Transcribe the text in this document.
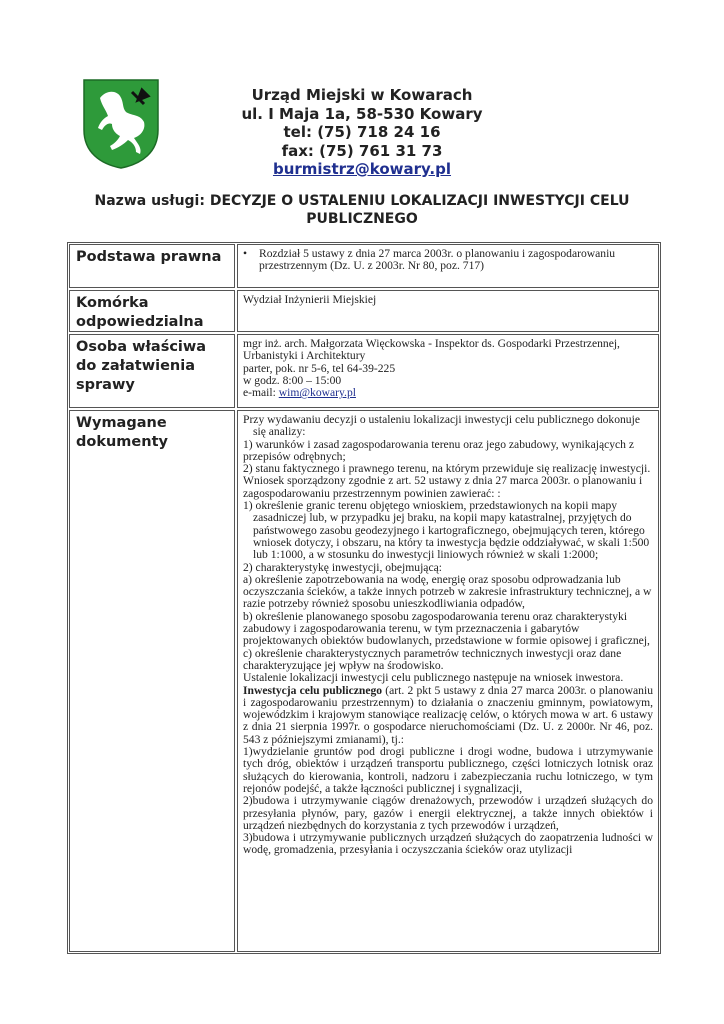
Urząd Miejski w Kowarach
ul. I Maja 1a, 58-530 Kowary
tel: (75) 718 24 16
fax: (75) 761 31 73
burmistrz@kowary.pl
Nazwa usługi: DECYZJE O USTALENIU LOKALIZACJI INWESTYCJI CELU
PUBLICZNEGO
Podstawa prawna	•	Rozdział 5 ustawy z dnia 27 marca 2003r. o planowaniu i zagospodarowaniu przestrzennym (Dz. U. z 2003r. Nr 80, poz. 717)
Komórka odpowiedzialna
Wydział Inżynierii Miejskiej
Osoba właściwa do załatwienia sprawy

mgr inż. arch. Małgorzata Więckowska - Inspektor ds. Gospodarki Przestrzennej, Urbanistyki i Architektury

parter, pok. nr 5-6, tel 64-39-225

w godz. 8:00 – 15:00

e-mail: wim@kowary.pl

Wymagane dokumenty

Przy wydawaniu decyzji o ustaleniu lokalizacji inwestycji celu publicznego dokonuje się analizy:

1) warunków i zasad zagospodarowania terenu oraz jego zabudowy, wynikających z przepisów odrębnych;

2) stanu faktycznego i prawnego terenu, na którym przewiduje się realizację inwestycji.

Wniosek sporządzony zgodnie z art. 52 ustawy z dnia 27 marca 2003r. o planowaniu i zagospodarowaniu przestrzennym powinien zawierać: :

1) określenie granic terenu objętego wnioskiem, przedstawionych na kopii mapy zasadniczej lub, w przypadku jej braku, na kopii mapy katastralnej, przyjętych do państwowego zasobu geodezyjnego i kartograficznego, obejmujących teren, którego wniosek dotyczy, i obszaru, na który ta inwestycja będzie oddziaływać, w skali 1:500 lub 1:1000, a w stosunku do inwestycji liniowych również w skali 1:2000;

2) charakterystykę inwestycji, obejmującą:

a) określenie zapotrzebowania na wodę, energię oraz sposobu odprowadzania lub oczyszczania ścieków, a także innych potrzeb w zakresie infrastruktury technicznej, a w razie potrzeby również sposobu unieszkodliwiania odpadów,

b) określenie planowanego sposobu zagospodarowania terenu oraz charakterystyki zabudowy i zagospodarowania terenu, w tym przeznaczenia i gabarytów projektowanych obiektów budowlanych, przedstawione w formie opisowej i graficznej,

c) określenie charakterystycznych parametrów technicznych inwestycji oraz dane charakteryzujące jej wpływ na środowisko.

Ustalenie lokalizacji inwestycji celu publicznego następuje na wniosek inwestora.

Inwestycja celu publicznego (art. 2 pkt 5 ustawy z dnia 27 marca 2003r. o planowaniu i zagospodarowaniu przestrzennym) to działania o znaczeniu gminnym, powiatowym, wojewódzkim i krajowym stanowiące realizację celów, o których mowa w art. 6 ustawy z dnia 21 sierpnia 1997r. o gospodarce nieruchomościami (Dz. U. z 2000r. Nr 46, poz. 543 z późniejszymi zmianami), tj.:

1)wydzielanie gruntów pod drogi publiczne i drogi wodne, budowa i utrzymywanie tych dróg, obiektów i urządzeń transportu publicznego, części lotniczych lotnisk oraz służących do kierowania, kontroli, nadzoru i zabezpieczania ruchu lotniczego, w tym rejonów podejść, a także łączności publicznej i sygnalizacji,

2)budowa i utrzymywanie ciągów drenażowych, przewodów i urządzeń służących do przesyłania płynów, pary, gazów i energii elektrycznej, a także innych obiektów i urządzeń niezbędnych do korzystania z tych przewodów i urządzeń,

3)budowa i utrzymywanie publicznych urządzeń służących do zaopatrzenia ludności w wodę, gromadzenia, przesyłania i oczyszczania ścieków oraz utylizacji
